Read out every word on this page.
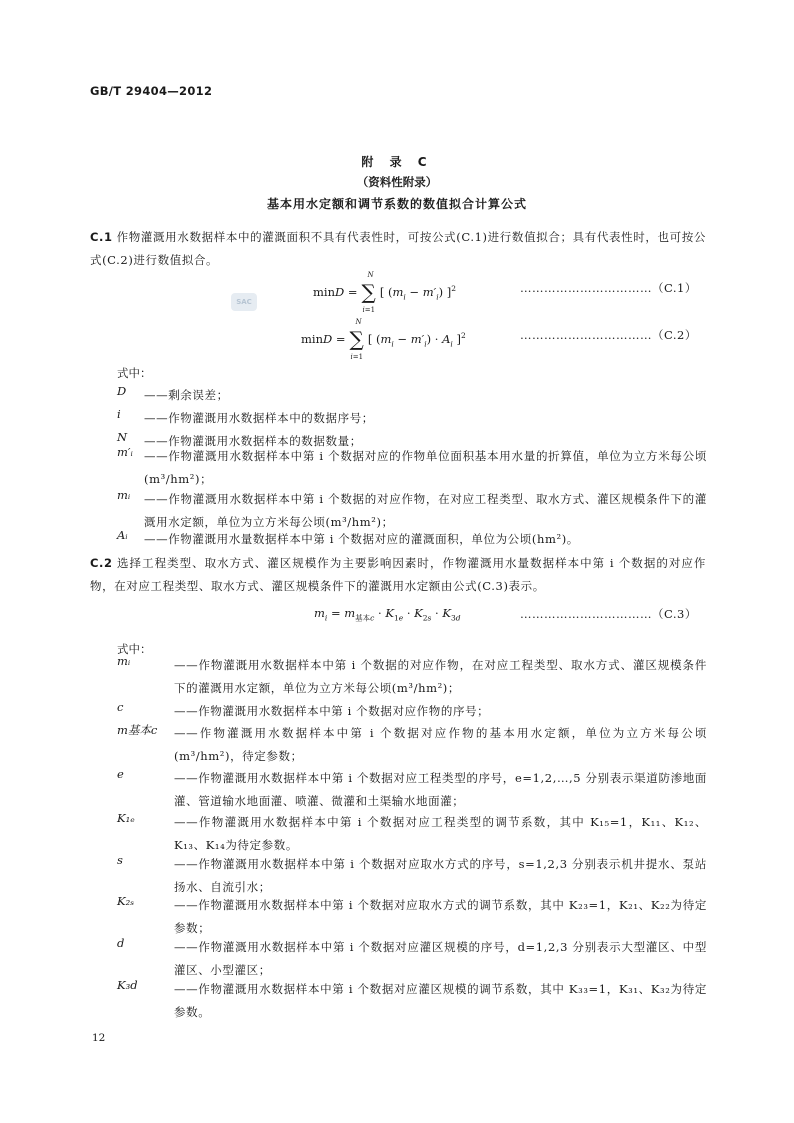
GB/T 29404—2012
附 录 C
（资料性附录）
基本用水定额和调节系数的数值拟合计算公式
C.1 作物灌溉用水数据样本中的灌溉面积不具有代表性时，可按公式(C.1)进行数值拟合；具有代表性时，也可按公式(C.2)进行数值拟合。
SAC
minD = ∑
N
i=1
[ $(m_i - m'_i)$ ]$^2$	……………………………（C.1）
minD = ∑
N
i=1
[ $(m_i - m'_i) \cdot A_i$ ]$^2$	……………………………（C.2）
式中：
D ——剩余误差；
i ——作物灌溉用水数据样本中的数据序号；
N ——作物灌溉用水数据样本的数据数量；
m′ᵢ ——作物灌溉用水数据样本中第 i 个数据对应的作物单位面积基本用水量的折算值，单位为立方米每公顷(m³/hm²)；
mᵢ ——作物灌溉用水数据样本中第 i 个数据的对应作物，在对应工程类型、取水方式、灌区规模条件下的灌溉用水定额，单位为立方米每公顷(m³/hm²)；
Aᵢ ——作物灌溉用水量数据样本中第 i 个数据对应的灌溉面积，单位为公顷(hm²)。
C.2 选择工程类型、取水方式、灌区规模作为主要影响因素时，作物灌溉用水量数据样本中第 i 个数据的对应作物，在对应工程类型、取水方式、灌区规模条件下的灌溉用水定额由公式(C.3)表示。
$m_i = m_{基本c} \cdot K_{1e} \cdot K_{2s} \cdot K_{3d}$	……………………………（C.3）
式中：
mᵢ	——作物灌溉用水数据样本中第 i 个数据的对应作物，在对应工程类型、取水方式、灌区规模条件下的灌溉用水定额，单位为立方米每公顷(m³/hm²)；
c	——作物灌溉用水数据样本中第 i 个数据对应作物的序号；
m基本c ——作物灌溉用水数据样本中第 i 个数据对应作物的基本用水定额，单位为立方米每公顷(m³/hm²)，待定参数；
e	——作物灌溉用水数据样本中第 i 个数据对应工程类型的序号，e=1,2,…,5 分别表示渠道防渗地面灌、管道输水地面灌、喷灌、微灌和土渠输水地面灌；
K₁ₑ	——作物灌溉用水数据样本中第 i 个数据对应工程类型的调节系数，其中 K₁₅=1，K₁₁、K₁₂、K₁₃、K₁₄为待定参数。
s	——作物灌溉用水数据样本中第 i 个数据对应取水方式的序号，s=1,2,3 分别表示机井提水、泵站扬水、自流引水；
K₂ₛ	——作物灌溉用水数据样本中第 i 个数据对应取水方式的调节系数，其中 K₂₃=1，K₂₁、K₂₂为待定参数；
d	——作物灌溉用水数据样本中第 i 个数据对应灌区规模的序号，d=1,2,3 分别表示大型灌区、中型灌区、小型灌区；
K₃d	——作物灌溉用水数据样本中第 i 个数据对应灌区规模的调节系数，其中 K₃₃=1，K₃₁、K₃₂为待定参数。
12
